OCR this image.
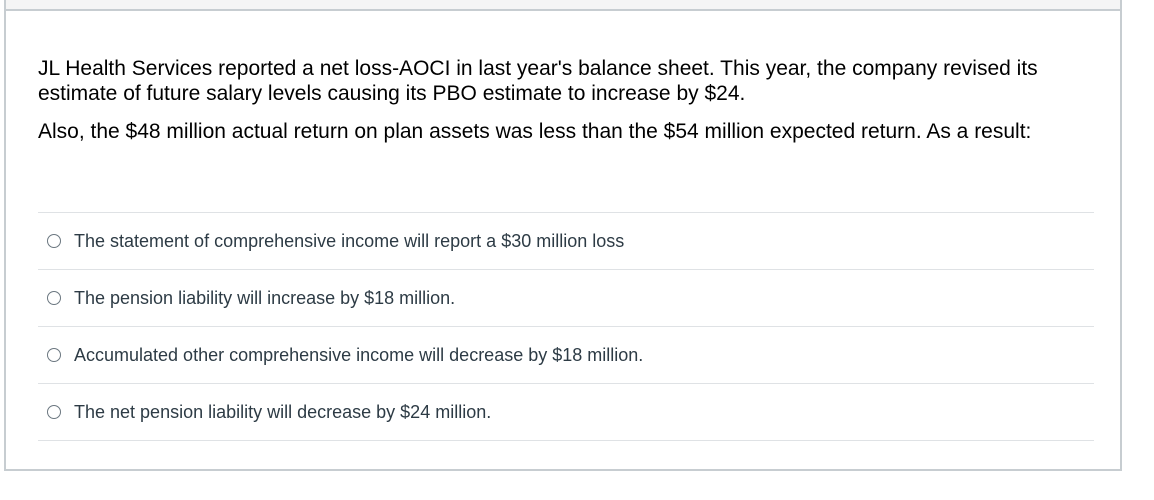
JL Health Services reported a net loss-AOCI in last year's balance sheet. This year, the company revised its estimate of future salary levels causing its PBO estimate to increase by $24.

Also, the $48 million actual return on plan assets was less than the $54 million expected return. As a result:

The statement of comprehensive income will report a $30 million loss
The pension liability will increase by $18 million.
Accumulated other comprehensive income will decrease by $18 million.
The net pension liability will decrease by $24 million.
